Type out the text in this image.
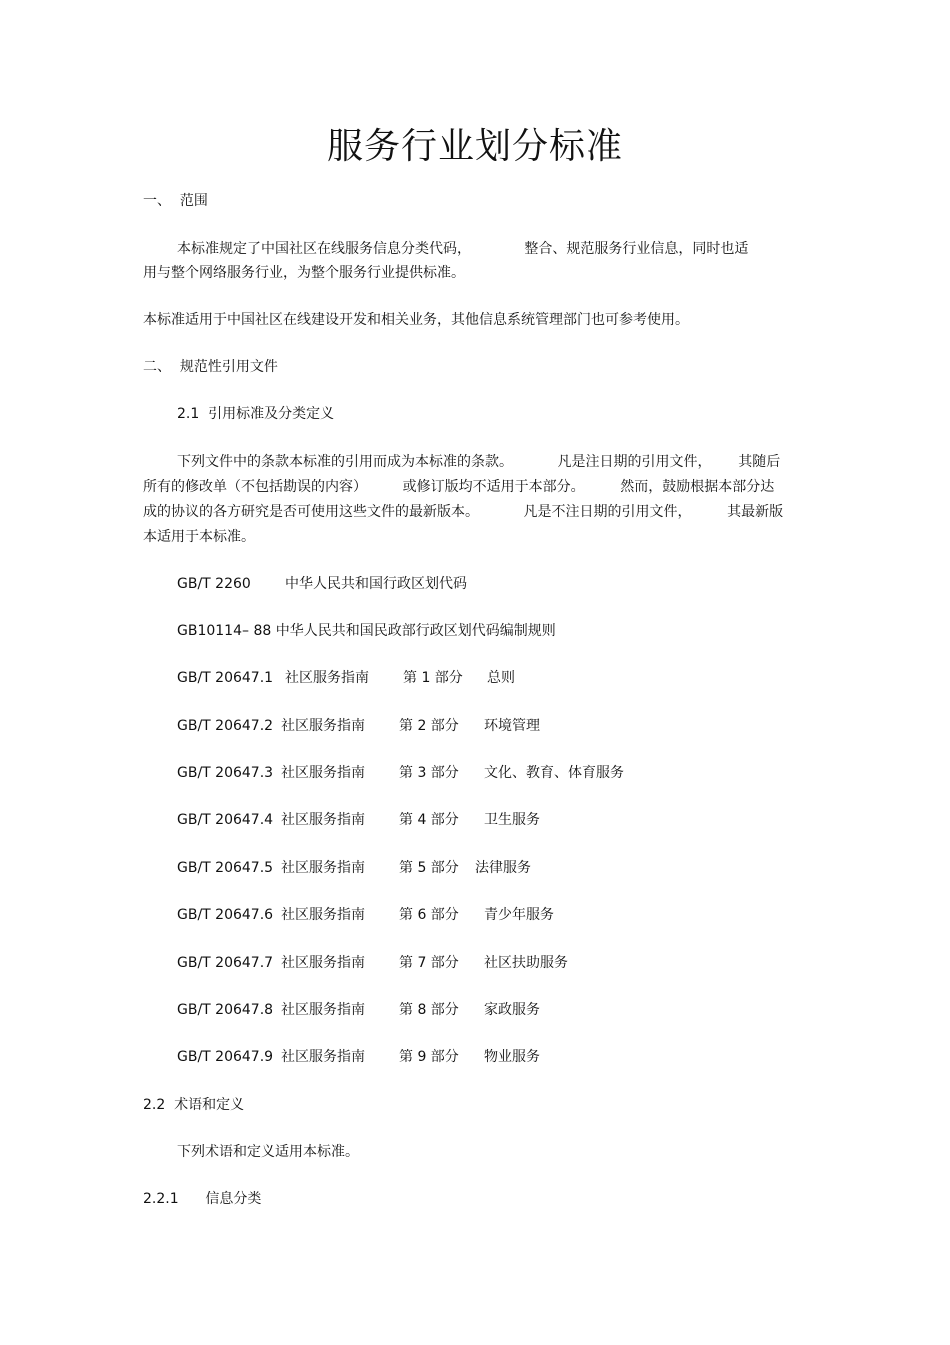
服务行业划分标准
一、  范围
本标准规定了中国社区在线服务信息分类代码，            整合、规范服务行业信息，同时也适
用与整个网络服务行业，为整个服务行业提供标准。
本标准适用于中国社区在线建设开发和相关业务，其他信息系统管理部门也可参考使用。
二、  规范性引用文件
2.1  引用标准及分类定义
下列文件中的条款本标准的引用而成为本标准的条款。          凡是注日期的引用文件，      其随后
所有的修改单（不包括勘误的内容）        或修订版均不适用于本部分。        然而，鼓励根据本部分达
成的协议的各方研究是否可使用这些文件的最新版本。          凡是不注日期的引用文件，        其最新版
本适用于本标准。
GB/T 2260 中华人民共和国行政区划代码
GB10114– 88 中华人民共和国民政部行政区划代码编制规则
GB/T 20647.1 社区服务指南 第 1 部分 总则
GB/T 20647.2 社区服务指南 第 2 部分 环境管理
GB/T 20647.3 社区服务指南 第 3 部分 文化、教育、体育服务
GB/T 20647.4 社区服务指南 第 4 部分 卫生服务
GB/T 20647.5 社区服务指南 第 5 部分 法律服务
GB/T 20647.6 社区服务指南 第 6 部分 青少年服务
GB/T 20647.7 社区服务指南 第 7 部分 社区扶助服务
GB/T 20647.8 社区服务指南 第 8 部分 家政服务
GB/T 20647.9 社区服务指南 第 9 部分 物业服务
2.2  术语和定义
下列术语和定义适用本标准。
2.2.1      信息分类
